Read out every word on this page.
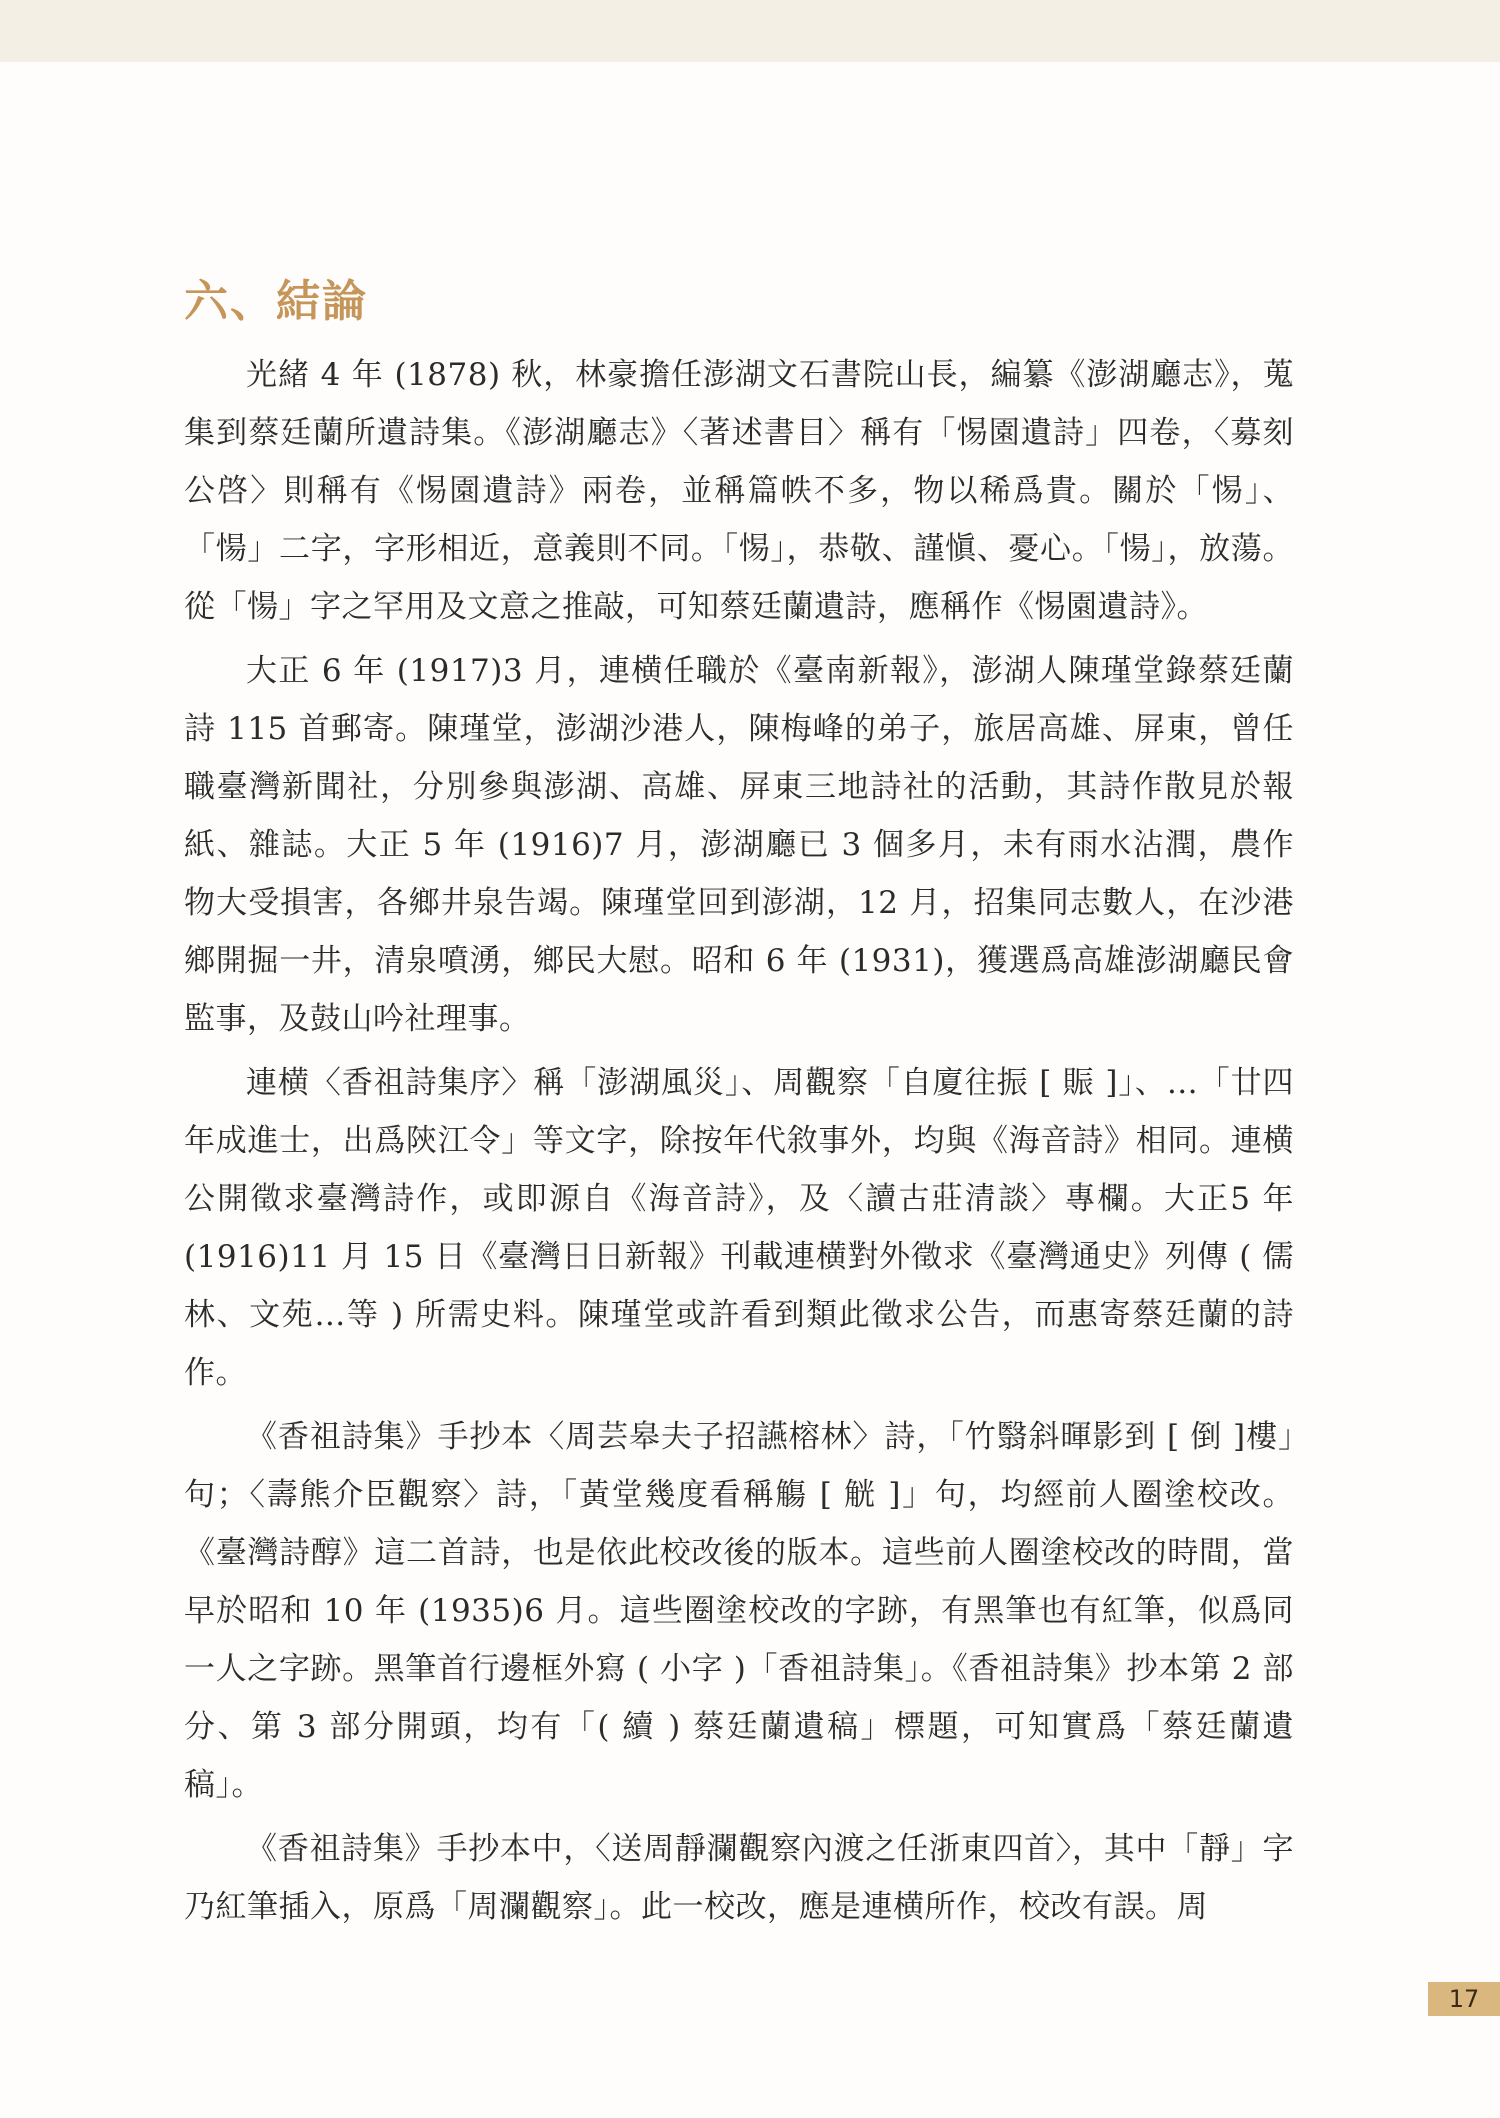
六、結論

光緒 4 年 (1878) 秋，林豪擔任澎湖文石書院山長，編纂《澎湖廳志》，蒐集到蔡廷蘭所遺詩集。《澎湖廳志》〈著述書目〉稱有「惕園遺詩」四卷，〈募刻公啓〉則稱有《惕園遺詩》兩卷，並稱篇帙不多，物以稀爲貴。關於「惕」、「愓」二字，字形相近，意義則不同。「惕」，恭敬、謹愼、憂心。「愓」，放蕩。從「愓」字之罕用及文意之推敲，可知蔡廷蘭遺詩，應稱作《惕園遺詩》。

大正 6 年 (1917)3 月，連横任職於《臺南新報》，澎湖人陳瑾堂錄蔡廷蘭詩 115 首郵寄。陳瑾堂，澎湖沙港人，陳梅峰的弟子，旅居高雄、屏東，曾任職臺灣新聞社，分別參與澎湖、高雄、屏東三地詩社的活動，其詩作散見於報紙、雜誌。大正 5 年 (1916)7 月，澎湖廳已 3 個多月，未有雨水沾潤，農作物大受損害，各鄉井泉告竭。陳瑾堂回到澎湖，12 月，招集同志數人，在沙港鄉開掘一井，清泉噴湧，鄉民大慰。昭和 6 年 (1931)，獲選爲高雄澎湖廳民會監事，及鼓山吟社理事。

連横〈香祖詩集序〉稱「澎湖風災」、周觀察「自廈往振 [ 賑 ]」、…「廿四年成進士，出爲陝江令」等文字，除按年代敘事外，均與《海音詩》相同。連横公開徵求臺灣詩作，或即源自《海音詩》，及〈讀古莊清談〉專欄。大正5 年 (1916)11 月 15 日《臺灣日日新報》刊載連横對外徵求《臺灣通史》列傳 ( 儒林、文苑…等 ) 所需史料。陳瑾堂或許看到類此徵求公告，而惠寄蔡廷蘭的詩作。

《香祖詩集》手抄本〈周芸皋夫子招讌榕林〉詩，「竹翳斜暉影到 [ 倒 ]樓」句；〈壽熊介臣觀察〉詩，「黃堂幾度看稱觴 [ 觥 ]」句，均經前人圈塗校改。《臺灣詩醇》這二首詩，也是依此校改後的版本。這些前人圈塗校改的時間，當早於昭和 10 年 (1935)6 月。這些圈塗校改的字跡，有黑筆也有紅筆，似爲同一人之字跡。黑筆首行邊框外寫 ( 小字 )「香祖詩集」。《香祖詩集》抄本第 2 部分、第 3 部分開頭，均有「( 續 ) 蔡廷蘭遺稿」標題，可知實爲「蔡廷蘭遺稿」。

《香祖詩集》手抄本中，〈送周靜瀾觀察內渡之任浙東四首〉，其中「靜」字乃紅筆插入，原爲「周瀾觀察」。此一校改，應是連横所作，校改有誤。周

17
